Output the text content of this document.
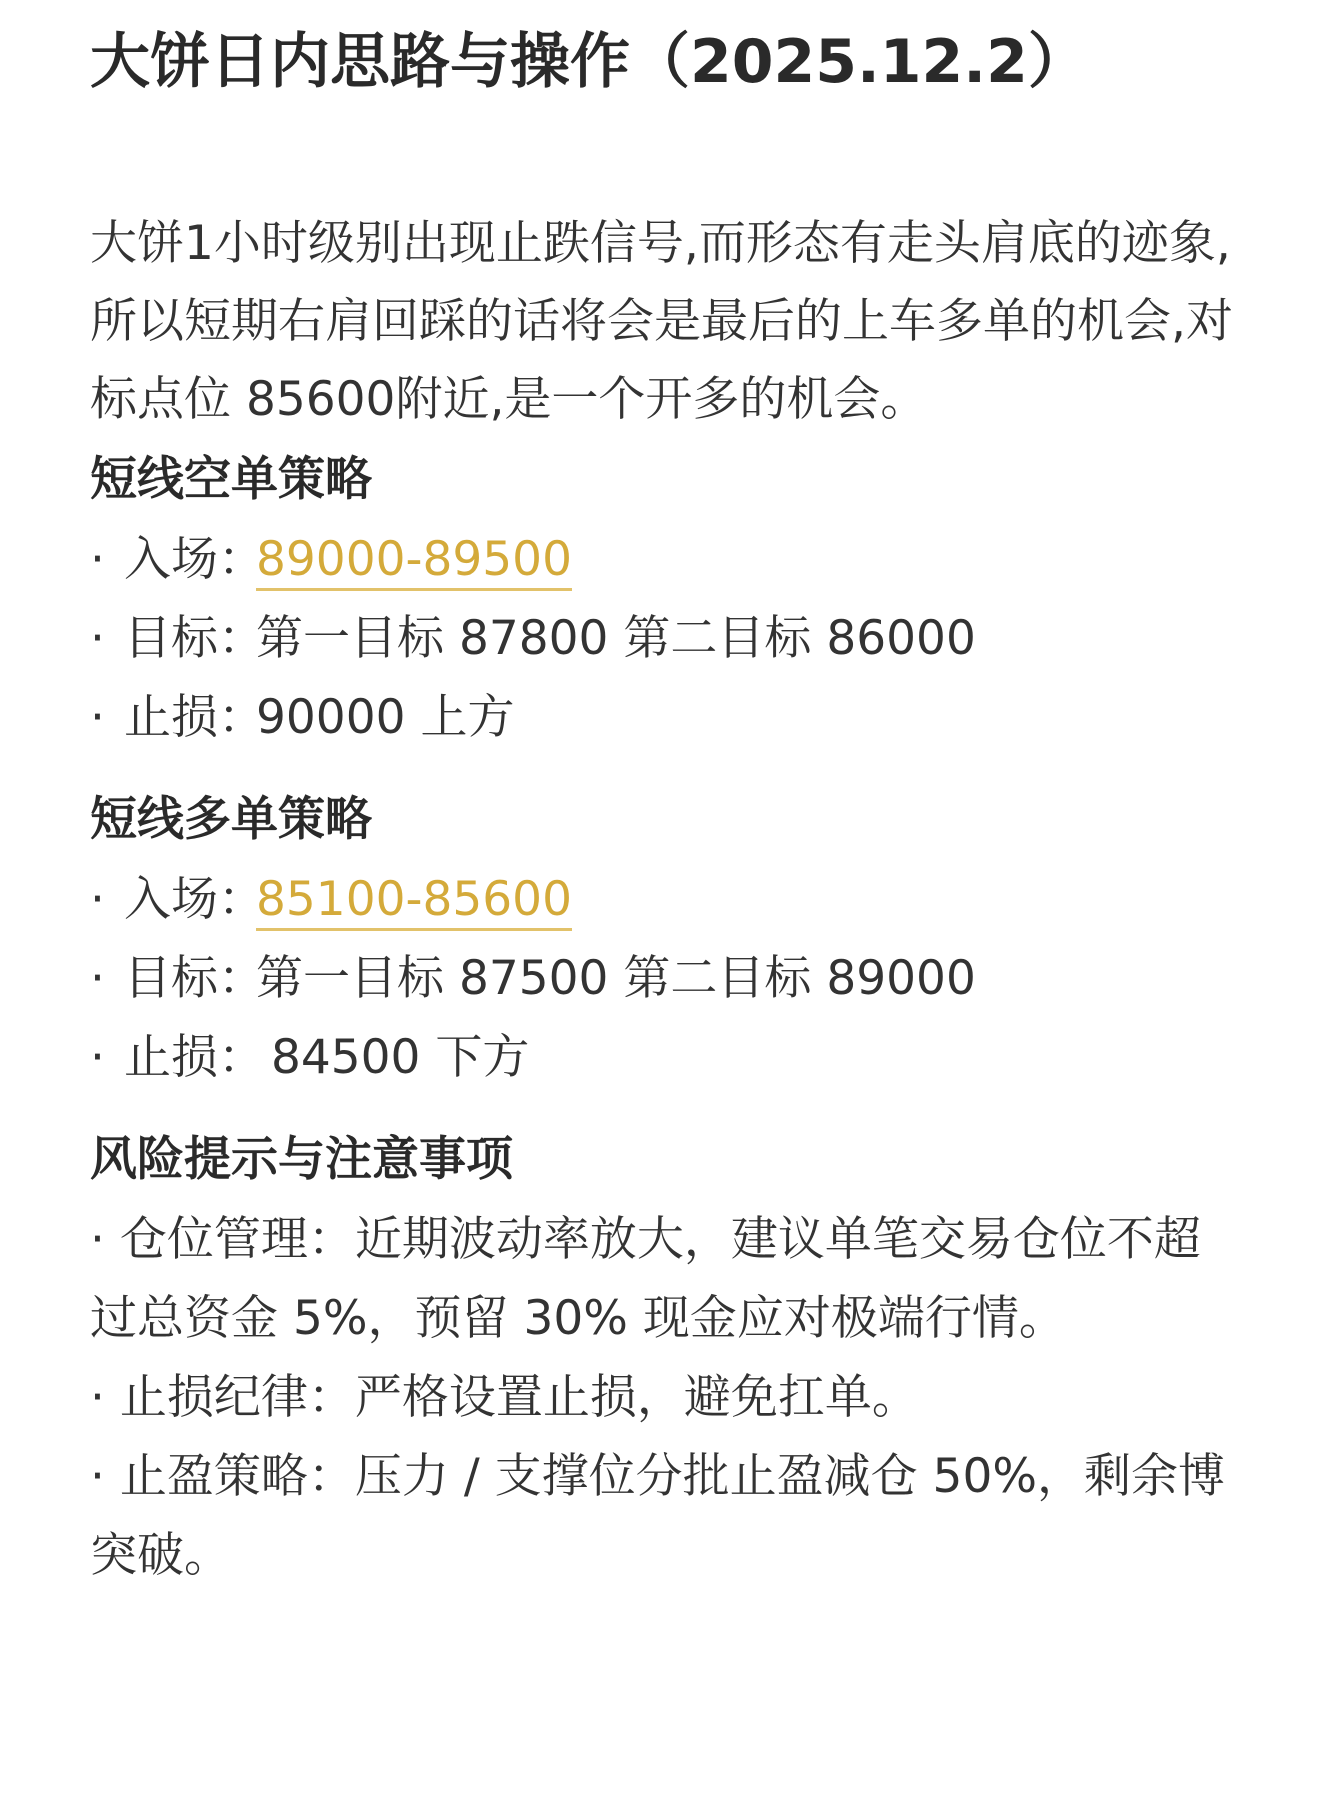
大饼日内思路与操作（2025.12.2）
大饼1小时级别出现止跌信号,而形态有走头肩底的迹象,所以短期右肩回踩的话将会是最后的上车多单的机会,对标点位 85600附近,是一个开多的机会。
短线空单策略
· 入场：89000-89500
· 目标：第一目标 87800 第二目标 86000
· 止损：90000 上方
短线多单策略
· 入场：85100-85600
· 目标：第一目标 87500 第二目标 89000
· 止损： 84500 下方
风险提示与注意事项
· 仓位管理：近期波动率放大，建议单笔交易仓位不超过总资金 5%，预留 30% 现金应对极端行情。
· 止损纪律：严格设置止损，避免扛单。
· 止盈策略：压力 / 支撑位分批止盈减仓 50%，剩余博突破。
